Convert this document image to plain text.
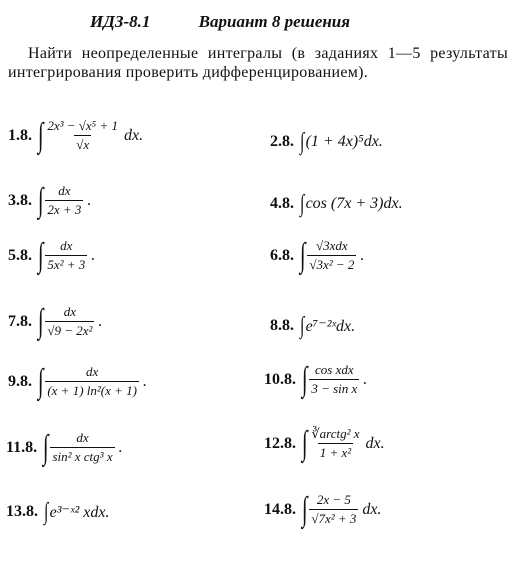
ИДЗ-8.1	Вариант 8 решения
Найти неопределенные интегралы (в заданиях 1—5 результаты интегрирования проверить дифференцированием).
1.8. ∫ $\frac{\text{2x³ − √x⁵ + 1}}{√x}$ dx.	2.8. ∫ (1 + 4x)⁵dx.
3.8. ∫ $\frac{dx}{2x + 3}$ .	4.8. ∫ cos (7x + 3)dx.
5.8. ∫ $\frac{dx}{\text{5x² + 3}}$ .	6.8. ∫ $\frac{\text{√3xdx}}{\text{√3x² − 2}}$ .
7.8. ∫ $\frac{dx}{\text{√9 − 2x²}}$ .	8.8. ∫ e⁷⁻²ˣdx.
9.8. ∫ $\frac{dx}{\text{(x + 1) ln²(x + 1)}}$ .	10.8. ∫ $\frac{\text{cos xdx}}{\text{3 − sin x}}$ .
11.8. ∫ $\frac{dx}{\text{sin² x ctg³ x}}$ .	12.8. ∫ $\frac{\text{∛arctg² x}}{\text{1 + x²}}$ dx.
13.8. ∫ e³⁻ˣ² xdx.	14.8. ∫ $\frac{2x - 5}{\text{√7x² + 3}}$ dx.
